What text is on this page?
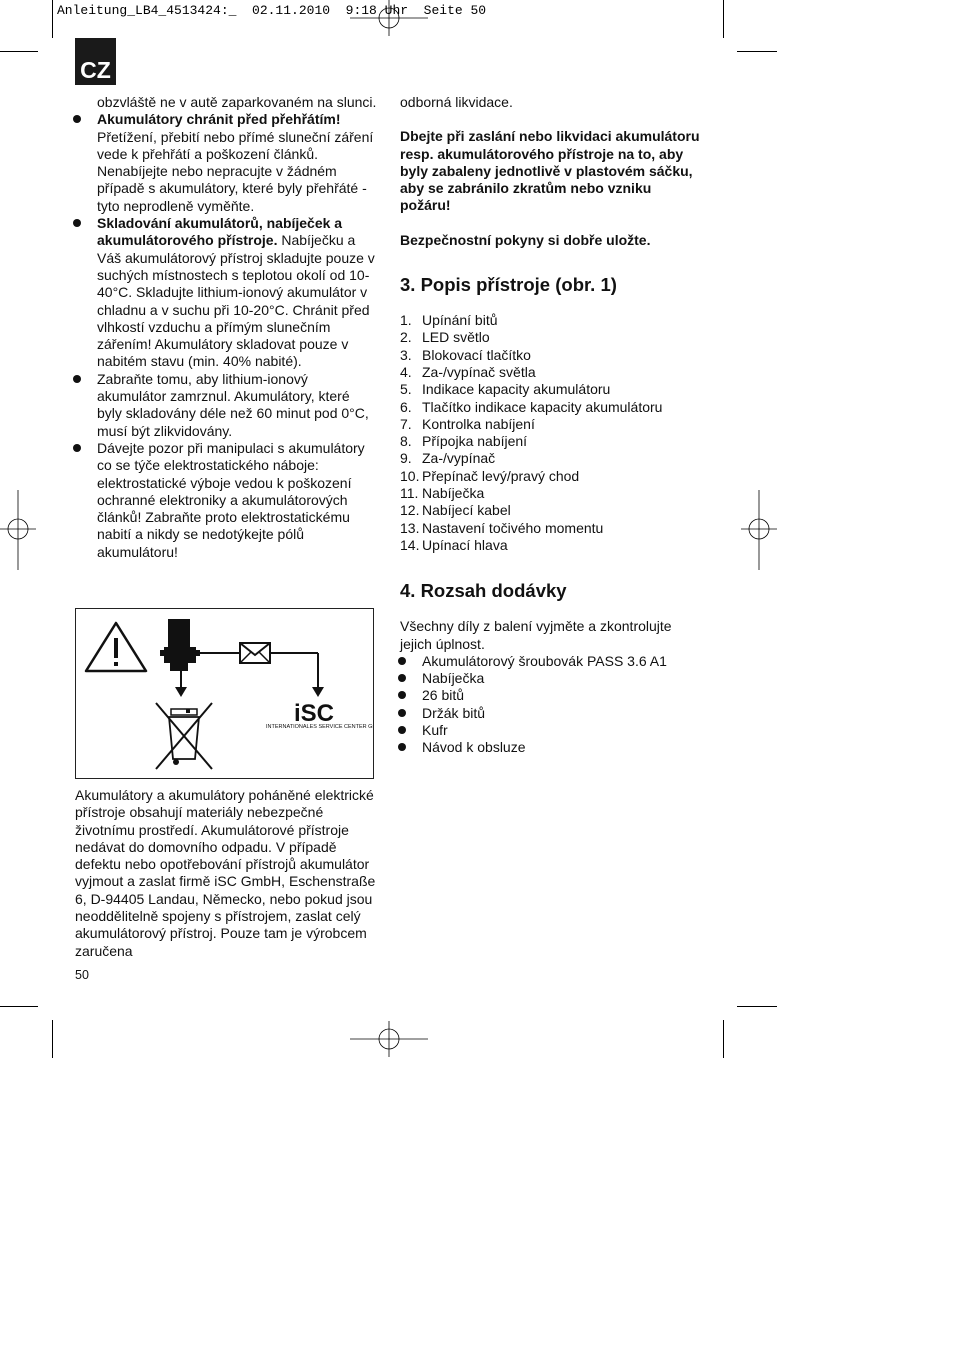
Anleitung_LB4_4513424:_  02.11.2010  9:18 Uhr  Seite 50
CZ

obzvláště ne v autě zaparkovaném na slunci.

Akumulátory chránit před přehřátím!
Přetížení, přebití nebo přímé sluneční záření vede k přehřátí a poškození článků. Nenabíjejte nebo nepracujte v žádném případě s akumulátory, které byly přehřáté - tyto neprodleně vyměňte.

Skladování akumulátorů, nabíječek a akumulátorového přístroje. Nabíječku a Váš akumulátorový přístroj skladujte pouze v suchých místnostech s teplotou okolí od 10-40°C. Skladujte lithium-ionový akumulátor v chladnu a v suchu při 10-20°C. Chránit před vlhkostí vzduchu a přímým slunečním zářením! Akumulátory skladovat pouze v nabitém stavu (min. 40% nabité).

Zabraňte tomu, aby lithium-ionový akumulátor zamrznul. Akumulátory, které byly skladovány déle než 60 minut pod 0°C, musí být zlikvidovány.

Dávejte pozor při manipulaci s akumulátory co se týče elektrostatického náboje: elektrostatické výboje vedou k poškození ochranné elektroniky a akumulátorových článků! Zabraňte proto elektrostatickému nabití a nikdy se nedotýkejte pólů akumulátoru!

iSC
INTERNATIONALES SERVICE CENTER GmbH

Akumulátory a akumulátory poháněné elektrické přístroje obsahují materiály nebezpečné životnímu prostředí. Akumulátorové přístroje nedávat do domovního odpadu. V případě defektu nebo opotřebování přístrojů akumulátor vyjmout a zaslat firmě iSC GmbH, Eschenstraße 6, D-94405 Landau, Německo, nebo pokud jsou neoddělitelně spojeny s přístrojem, zaslat celý akumulátorový přístroj. Pouze tam je výrobcem zaručena

50

odborná likvidace.

Dbejte při zaslání nebo likvidaci akumulátoru resp. akumulátorového přístroje na to, aby byly zabaleny jednotlivě v plastovém sáčku, aby se zabránilo zkratům nebo vzniku požáru!

Bezpečnostní pokyny si dobře uložte.

3. Popis přístroje (obr. 1)
1. Upínání bitů
2. LED světlo
3. Blokovací tlačítko
4. Za-/vypínač světla
5. Indikace kapacity akumulátoru
6. Tlačítko indikace kapacity akumulátoru
7. Kontrolka nabíjení
8. Přípojka nabíjení
9. Za-/vypínač
10. Přepínač levý/pravý chod
11. Nabíječka
12. Nabíjecí kabel
13. Nastavení točivého momentu
14. Upínací hlava
4. Rozsah dodávky

Všechny díly z balení vyjměte a zkontrolujte jejich úplnost.

Akumulátorový šroubovák PASS 3.6 A1
Nabíječka
26 bitů
Držák bitů
Kufr
Návod k obsluze
